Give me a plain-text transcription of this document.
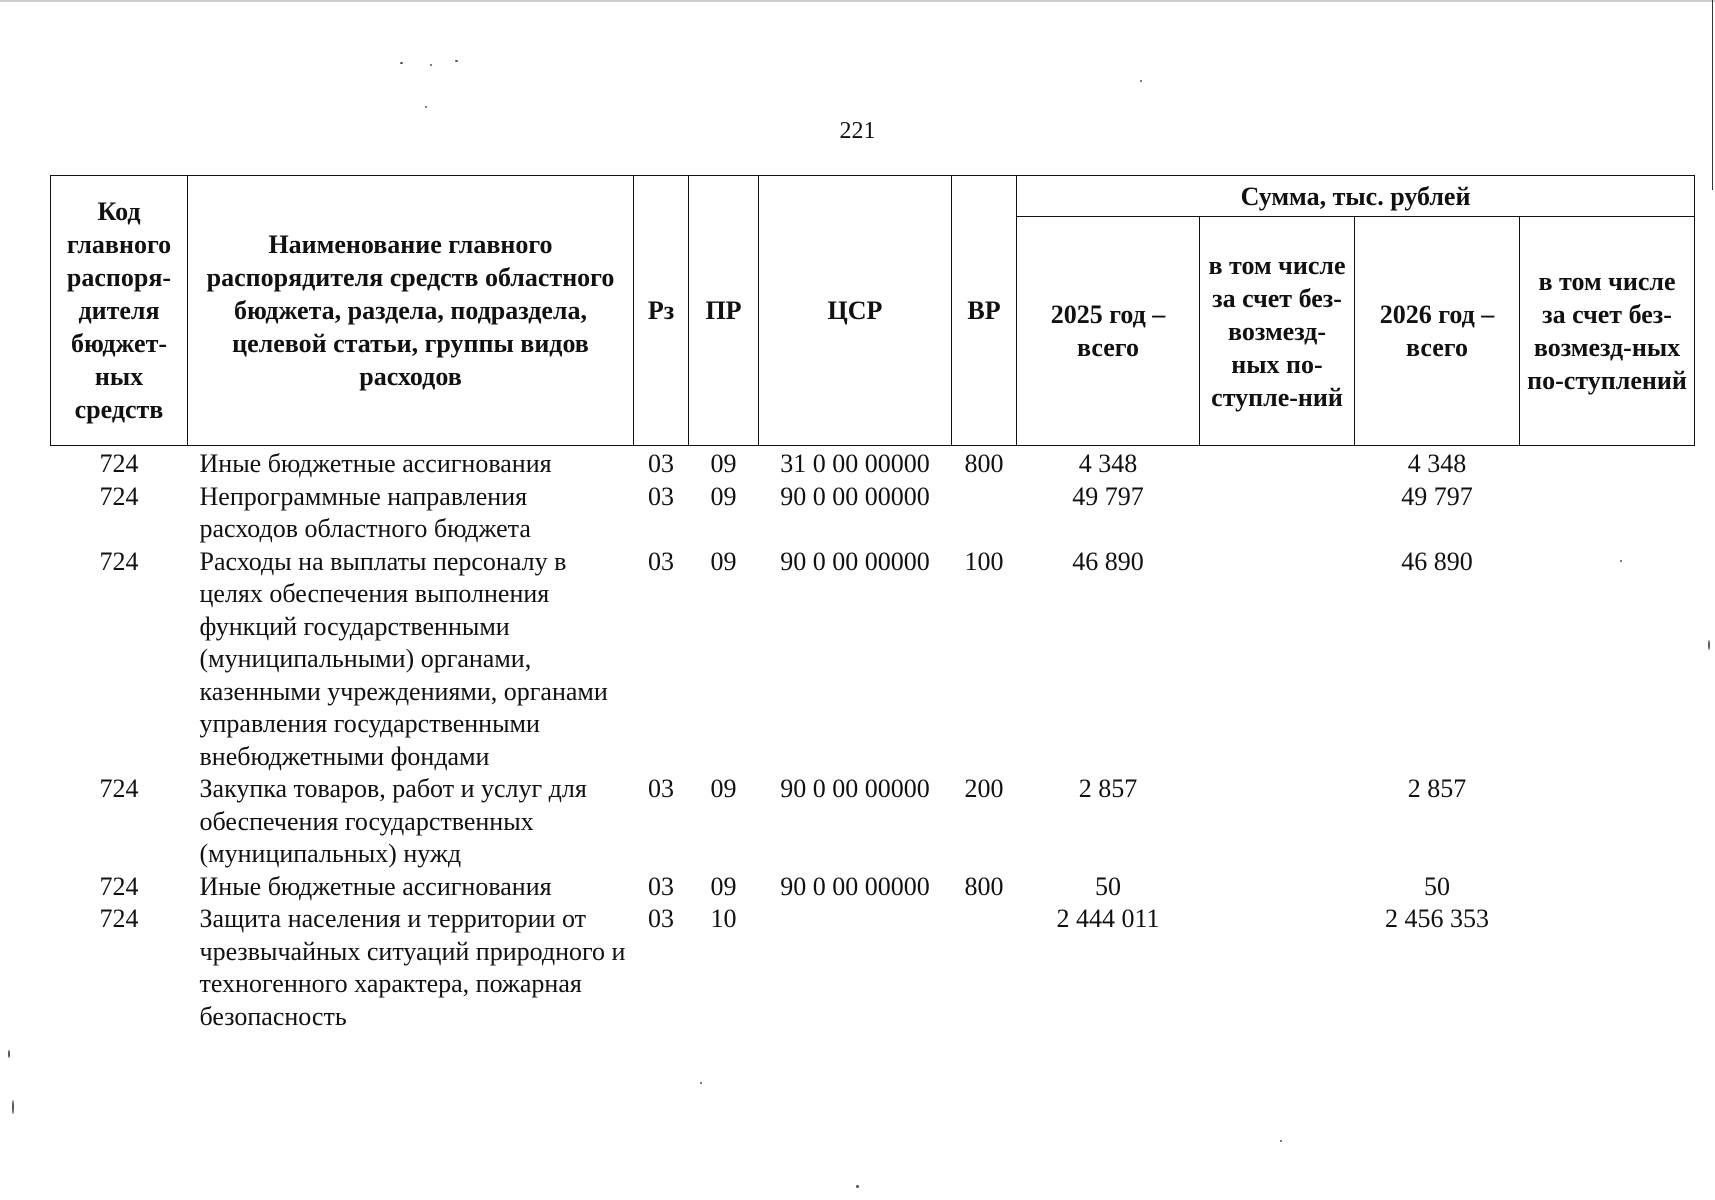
221
Код главного распоря-дителя бюджет-ных средств	Наименование главного распорядителя средств областного бюджета, раздела, подраздела, целевой статьи, группы видов расходов	Рз	ПР	ЦСР	ВР	Сумма, тыс. рублей			
						2025 год – всего	в том числе за счет без-возмезд-ных по-ступле-ний	2026 год – всего	в том числе за счет без-возмезд-ных по-ступлений
724	Иные бюджетные ассигнования	03	09	31 0 00 00000	800	4 348		4 348	
724	Непрограммные направления расходов областного бюджета	03	09	90 0 00 00000		49 797		49 797	
724	Расходы на выплаты персоналу в целях обеспечения выполнения функций государственными (муниципальными) органами, казенными учреждениями, органами управления государственными внебюджетными фондами	03	09	90 0 00 00000	100	46 890		46 890	
724	Закупка товаров, работ и услуг для обеспечения государственных (муниципальных) нужд	03	09	90 0 00 00000	200	2 857		2 857	
724	Иные бюджетные ассигнования	03	09	90 0 00 00000	800	50		50	
724	Защита населения и территории от чрезвычайных ситуаций природного и техногенного характера, пожарная безопасность	03	10			2 444 011		2 456 353	
